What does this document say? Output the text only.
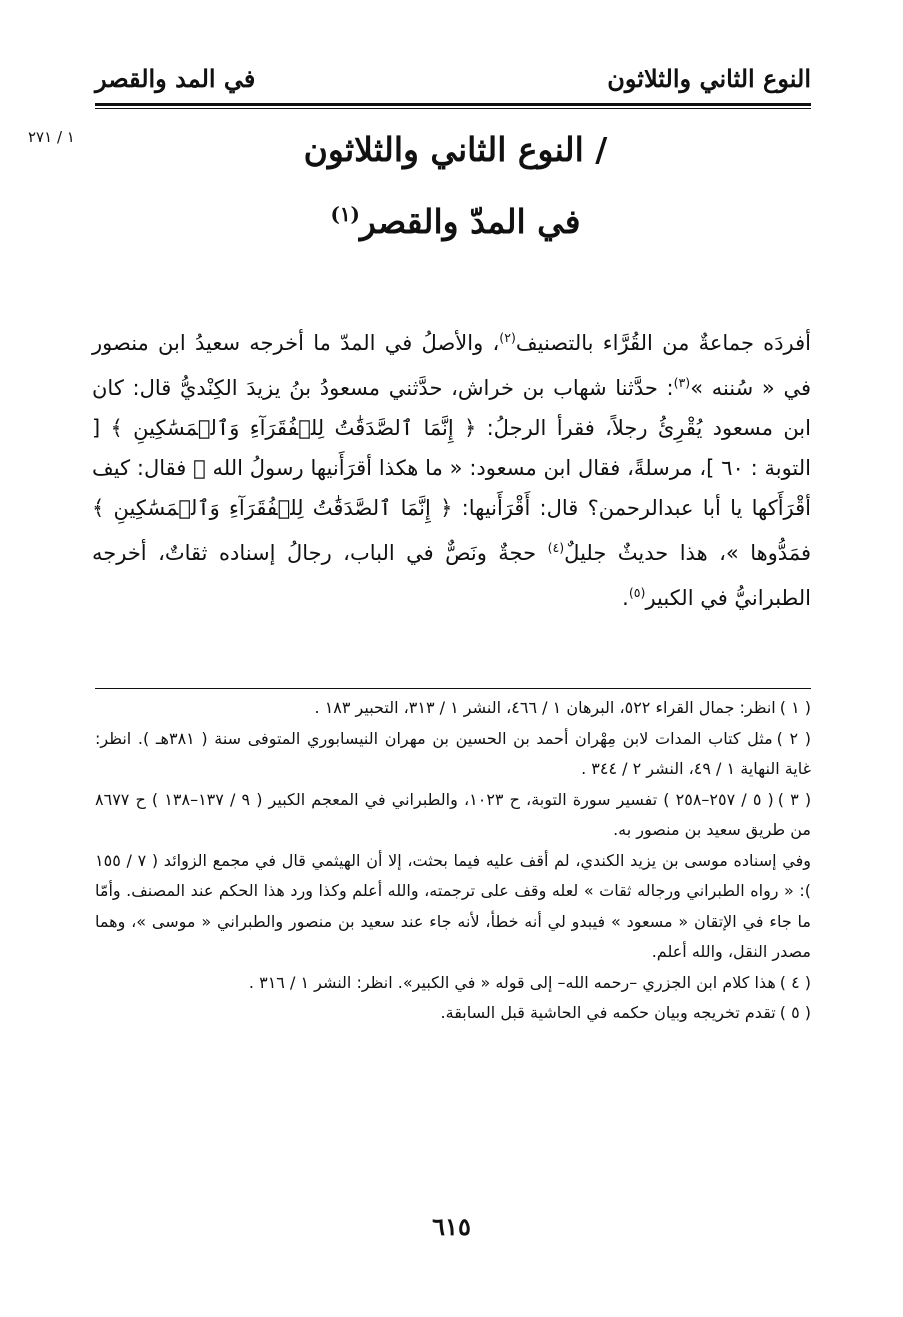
النوع الثاني والثلاثون
في المد والقصر
١ / ٢٧١	/ النوع الثاني والثلاثون
في المدّ والقصر$^{(١)}$
أفردَه جماعةٌ من القُرَّاء بالتصنيف$^{(٢)}$، والأصلُ في المدّ ما أخرجه سعيدُ ابن منصور في « سُننه »$^{(٣)}$: حدَّثنا شهاب بن خراش، حدَّثني مسعودُ بنُ يزيدَ الكِنْديُّ قال: كان ابن مسعود يُقْرِئُ رجلاً، فقرأ الرجلُ: ﴿ إِنَّمَا ٱلصَّدَقَٰتُ لِلۡفُقَرَآءِ وَٱلۡمَسَٰكِينِ ﴾ [ التوبة : ٦٠ ]، مرسلةً، فقال ابن مسعود: « ما هكذا أقرَأَنيها رسولُ الله ﷺ فقال: كيف أقْرَأَكها يا أبا عبدالرحمن؟ قال: أَقْرَأَنيها: ﴿ إِنَّمَا ٱلصَّدَقَٰتُ لِلۡفُقَرَآءِ وَٱلۡمَسَٰكِينِ ﴾ فمَدُّوها »، هذا حديثٌ جليلٌ$^{(٤)}$ حجةٌ ونَصٌّ في الباب، رجالُ إسناده ثقاتٌ، أخرجه الطبرانيُّ في الكبير$^{(٥)}$.
( ١ )انظر: جمال القراء ٥٢٢، البرهان ١ / ٤٦٦، النشر ١ / ٣١٣، التحبير ١٨٣ .
( ٢ )مثل كتاب المدات لابن مِهْران أحمد بن الحسين بن مهران النيسابوري المتوفى سنة ( ٣٨١هـ ). انظر: غاية النهاية ١ / ٤٩، النشر ٢ / ٣٤٤ .
( ٣ )( ٥ / ٢٥٧–٢٥٨ ) تفسير سورة التوبة، ح ١٠٢٣، والطبراني في المعجم الكبير ( ٩ / ١٣٧–١٣٨ ) ح ٨٦٧٧ من طريق سعيد بن منصور به.
وفي إسناده موسى بن يزيد الكندي، لم أقف عليه فيما بحثت، إلا أن الهيثمي قال في مجمع الزوائد ( ٧ / ١٥٥ ): « رواه الطبراني ورجاله ثقات » لعله وقف على ترجمته، والله أعلم وكذا ورد هذا الحكم عند المصنف. وأمّا ما جاء في الإتقان « مسعود » فيبدو لي أنه خطأ، لأنه جاء عند سعيد بن منصور والطبراني « موسى »، وهما مصدر النقل، والله أعلم.
( ٤ )هذا كلام ابن الجزري –رحمه الله– إلى قوله « في الكبير». انظر: النشر ١ / ٣١٦ .
( ٥ )تقدم تخريجه وبيان حكمه في الحاشية قبل السابقة.
٦١٥
